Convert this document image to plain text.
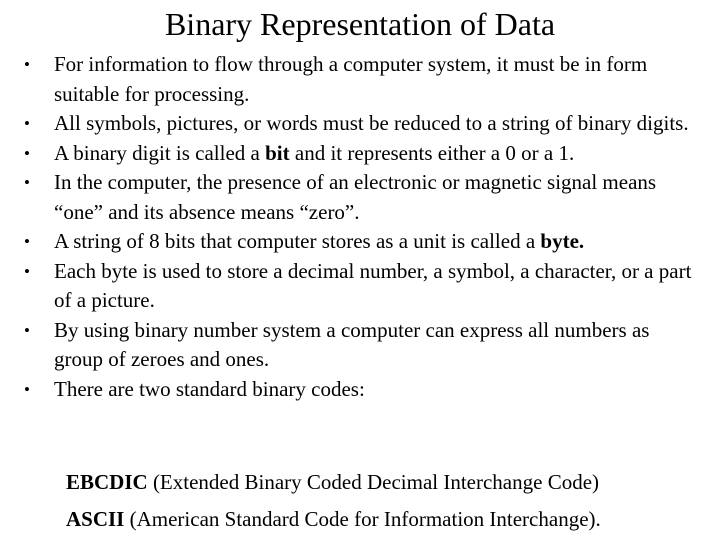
Binary Representation of Data
•	For information to flow through a computer system, it must be in form suitable for processing.
•	All symbols, pictures, or words must be reduced to a string of binary digits.
•	A binary digit is called a bit and it represents either a 0 or a 1.
•	In the computer, the presence of an electronic or magnetic signal means “one” and its absence means “zero”.
•	A string of 8 bits that computer stores as a unit is called a byte.
•	Each byte is used to store a decimal number, a symbol, a character, or a part of a picture.
•	By using binary number system a computer can express all numbers as group of zeroes and ones.
•	There are two standard binary codes:
EBCDIC (Extended Binary Coded Decimal Interchange Code)
ASCII (American Standard Code for Information Interchange).
